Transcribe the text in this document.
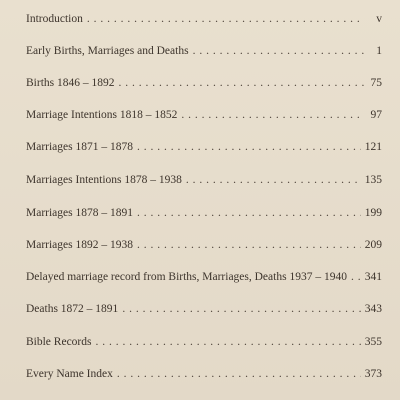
Introduction . . .	v
Early Births, Marriages and Deaths . . .	1
Births 1846 – 1892 . . .	75
Marriage Intentions 1818 – 1852 . . .	97
Marriages 1871 – 1878 . . .	121
Marriages Intentions 1878 – 1938 . . .	135
Marriages 1878 – 1891 . . .	199
Marriages 1892 – 1938 . . .	209
Delayed marriage record from Births, Marriages, Deaths 1937 – 1940 . . 341
Deaths 1872 – 1891 . . .	343
Bible Records . . .	355
Every Name Index . . .	373
